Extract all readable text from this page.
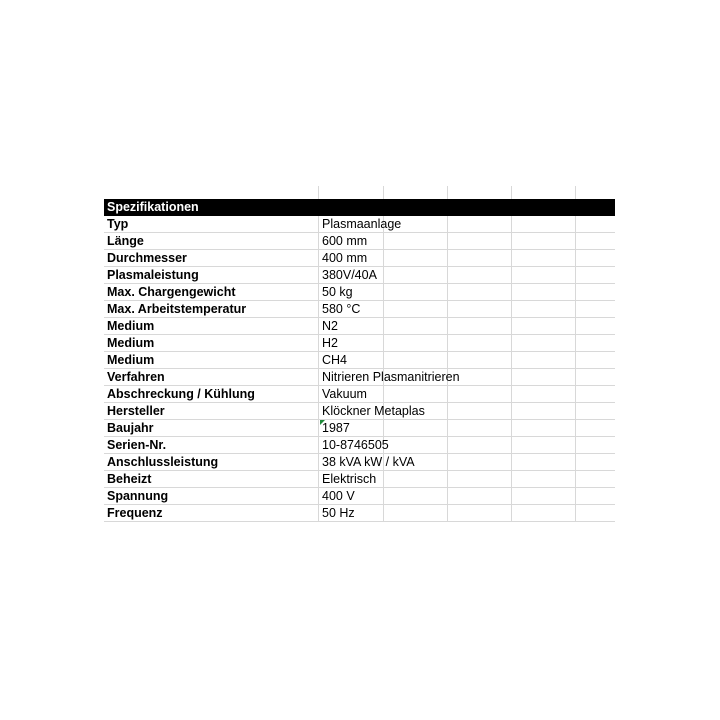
Spezifikationen
Typ	Plasmaanlage
Länge	600 mm
Durchmesser	400 mm
Plasmaleistung	380V/40A
Max. Chargengewicht	50 kg
Max. Arbeitstemperatur	580 °C
Medium	N2
Medium	H2
Medium	CH4
Verfahren	Nitrieren Plasmanitrieren
Abschreckung / Kühlung	Vakuum
Hersteller	Klöckner Metaplas
Baujahr	1987
Serien-Nr.	10-8746505
Anschlussleistung	38 kVA kW / kVA
Beheizt	Elektrisch
Spannung	400 V
Frequenz	50 Hz
